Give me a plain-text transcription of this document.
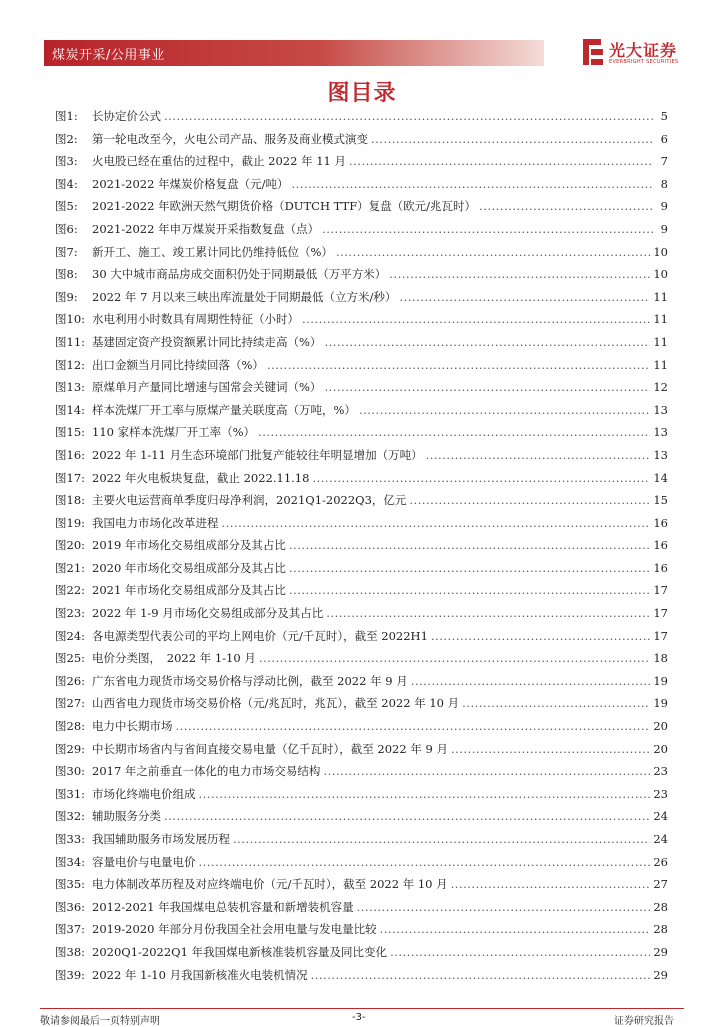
煤炭开采/公用事业	光大证券
EVERBRIGHT SECURITIES
图目录
图1:	长协定价公式 .....	5
图2:	第一轮电改至今，火电公司产品、服务及商业模式演变 .....	6
图3:	火电股已经在重估的过程中，截止 2022 年 11 月 .....	7
图4:	2021-2022 年煤炭价格复盘（元/吨） .....	8
图5:	2021-2022 年欧洲天然气期货价格（DUTCH TTF）复盘（欧元/兆瓦时） .....	9
图6:	2021-2022 年申万煤炭开采指数复盘（点） .....	9
图7:	新开工、施工、竣工累计同比仍维持低位（%） .....	10
图8:	30 大中城市商品房成交面积仍处于同期最低（万平方米） .....	10
图9:	2022 年 7 月以来三峡出库流量处于同期最低（立方米/秒） .....	11
图10: 水电利用小时数具有周期性特征（小时） .....	11
图11: 基建固定资产投资额累计同比持续走高（%） .....	11
图12: 出口金额当月同比持续回落（%） .....	11
图13: 原煤单月产量同比增速与国常会关键词（%） .....	12
图14: 样本洗煤厂开工率与原煤产量关联度高（万吨，%） .....	13
图15: 110 家样本洗煤厂开工率（%） .....	13
图16: 2022 年 1-11 月生态环境部门批复产能较往年明显增加（万吨） .....	13
图17: 2022 年火电板块复盘，截止 2022.11.18 .....	14
图18: 主要火电运营商单季度归母净利润，2021Q1-2022Q3，亿元 .....	15
图19: 我国电力市场化改革进程 .....	16
图20: 2019 年市场化交易组成部分及其占比 .....	16
图21: 2020 年市场化交易组成部分及其占比 .....	16
图22: 2021 年市场化交易组成部分及其占比 .....	17
图23: 2022 年 1-9 月市场化交易组成部分及其占比 .....	17
图24: 各电源类型代表公司的平均上网电价（元/千瓦时），截至 2022H1 .....	17
图25: 电价分类图，　2022 年 1-10 月 .....	18
图26: 广东省电力现货市场交易价格与浮动比例，截至 2022 年 9 月 .....	19
图27: 山西省电力现货市场交易价格（元/兆瓦时，兆瓦），截至 2022 年 10 月 .....	19
图28: 电力中长期市场 .....	20
图29: 中长期市场省内与省间直接交易电量（亿千瓦时），截至 2022 年 9 月 .....	20
图30: 2017 年之前垂直一体化的电力市场交易结构 .....	23
图31: 市场化终端电价组成 .....	23
图32: 辅助服务分类 .....	24
图33: 我国辅助服务市场发展历程 .....	24
图34: 容量电价与电量电价 .....	26
图35: 电力体制改革历程及对应终端电价（元/千瓦时），截至 2022 年 10 月 .....	27
图36: 2012-2021 年我国煤电总装机容量和新增装机容量 .....	28
图37: 2019-2020 年部分月份我国全社会用电量与发电量比较 .....	28
图38: 2020Q1-2022Q1 年我国煤电新核准装机容量及同比变化 .....	29
图39: 2022 年 1-10 月我国新核准火电装机情况 .....	29
敬请参阅最后一页特别声明	-3-	证券研究报告
